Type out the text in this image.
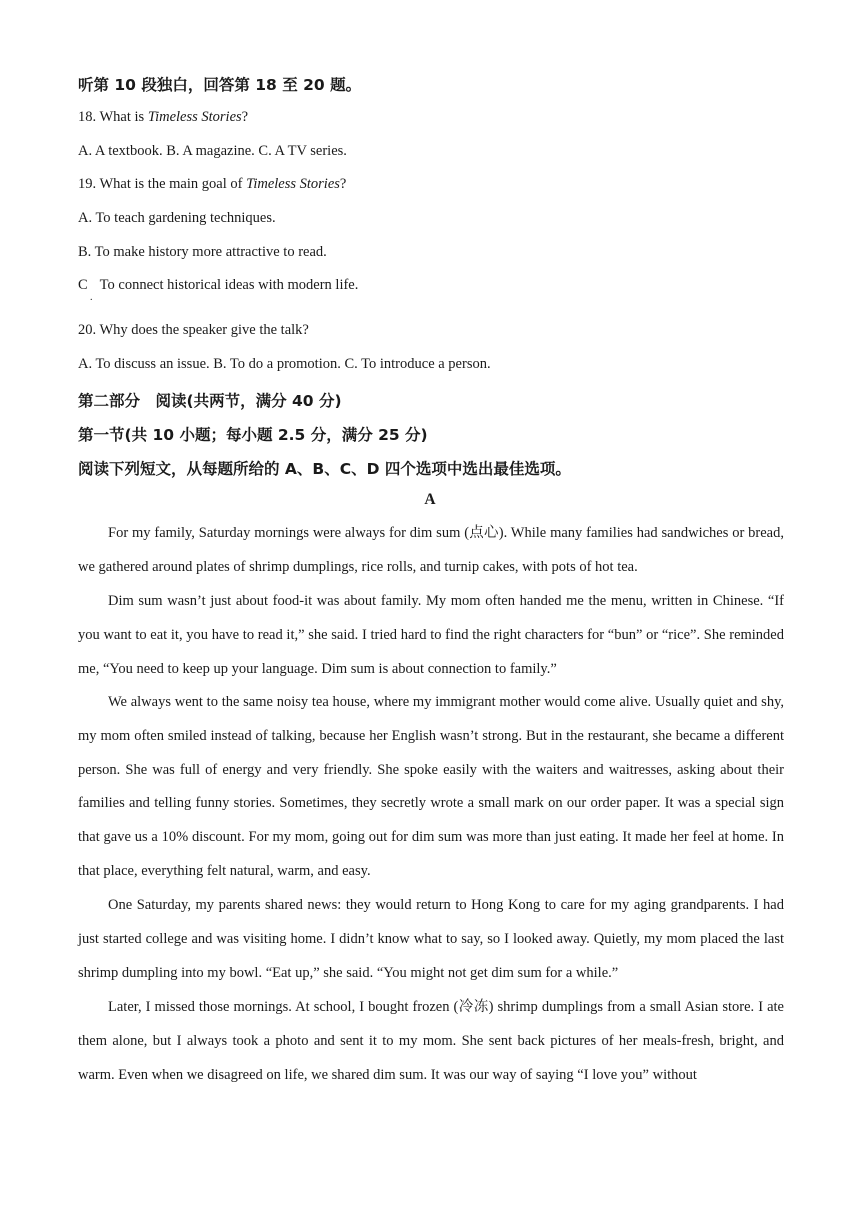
听第 10 段独白，回答第 18 至 20 题。
18. What is Timeless Stories?
A. A textbook. B. A magazine. C. A TV series.
19. What is the main goal of Timeless Stories?
A. To teach gardening techniques.
B. To make history more attractive to read.
C To connect historical ideas with modern life.
.
20. Why does the speaker give the talk?
A. To discuss an issue. B. To do a promotion. C. To introduce a person.
第二部分　阅读(共两节，满分 40 分)
第一节(共 10 小题；每小题 2.5 分，满分 25 分)
阅读下列短文，从每题所给的 A、B、C、D 四个选项中选出最佳选项。
A

For my family, Saturday mornings were always for dim sum (点心). While many families had sandwiches or bread, we gathered around plates of shrimp dumplings, rice rolls, and turnip cakes, with pots of hot tea.

Dim sum wasn’t just about food-it was about family. My mom often handed me the menu, written in Chinese. “If you want to eat it, you have to read it,” she said. I tried hard to find the right characters for “bun” or “rice”. She reminded me, “You need to keep up your language. Dim sum is about connection to family.”

We always went to the same noisy tea house, where my immigrant mother would come alive. Usually quiet and shy, my mom often smiled instead of talking, because her English wasn’t strong. But in the restaurant, she became a different person. She was full of energy and very friendly. She spoke easily with the waiters and waitresses, asking about their families and telling funny stories. Sometimes, they secretly wrote a small mark on our order paper. It was a special sign that gave us a 10% discount. For my mom, going out for dim sum was more than just eating. It made her feel at home. In that place, everything felt natural, warm, and easy.

One Saturday, my parents shared news: they would return to Hong Kong to care for my aging grandparents. I had just started college and was visiting home. I didn’t know what to say, so I looked away. Quietly, my mom placed the last shrimp dumpling into my bowl. “Eat up,” she said. “You might not get dim sum for a while.”

Later, I missed those mornings. At school, I bought frozen (冷冻) shrimp dumplings from a small Asian store. I ate them alone, but I always took a photo and sent it to my mom. She sent back pictures of her meals-fresh, bright, and warm. Even when we disagreed on life, we shared dim sum. It was our way of saying “I love you” without
